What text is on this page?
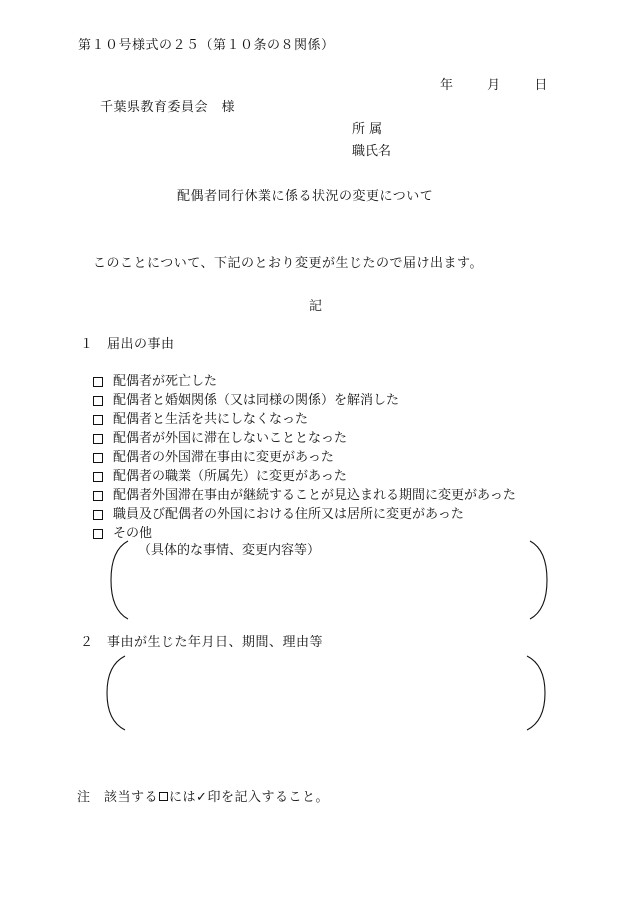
第１０号様式の２５（第１０条の８関係）
年	月	日
千葉県教育委員会　様
所 属
職氏名
配偶者同行休業に係る状況の変更について
このことについて、下記のとおり変更が生じたので届け出ます。
記
１　届出の事由
配偶者が死亡した
配偶者と婚姻関係（又は同様の関係）を解消した
配偶者と生活を共にしなくなった
配偶者が外国に滞在しないこととなった
配偶者の外国滞在事由に変更があった
配偶者の職業（所属先）に変更があった
配偶者外国滞在事由が継続することが見込まれる期間に変更があった
職員及び配偶者の外国における住所又は居所に変更があった
その他
（具体的な事情、変更内容等）
２　事由が生じた年月日、期間、理由等
注　該当する には✓印を記入すること。
